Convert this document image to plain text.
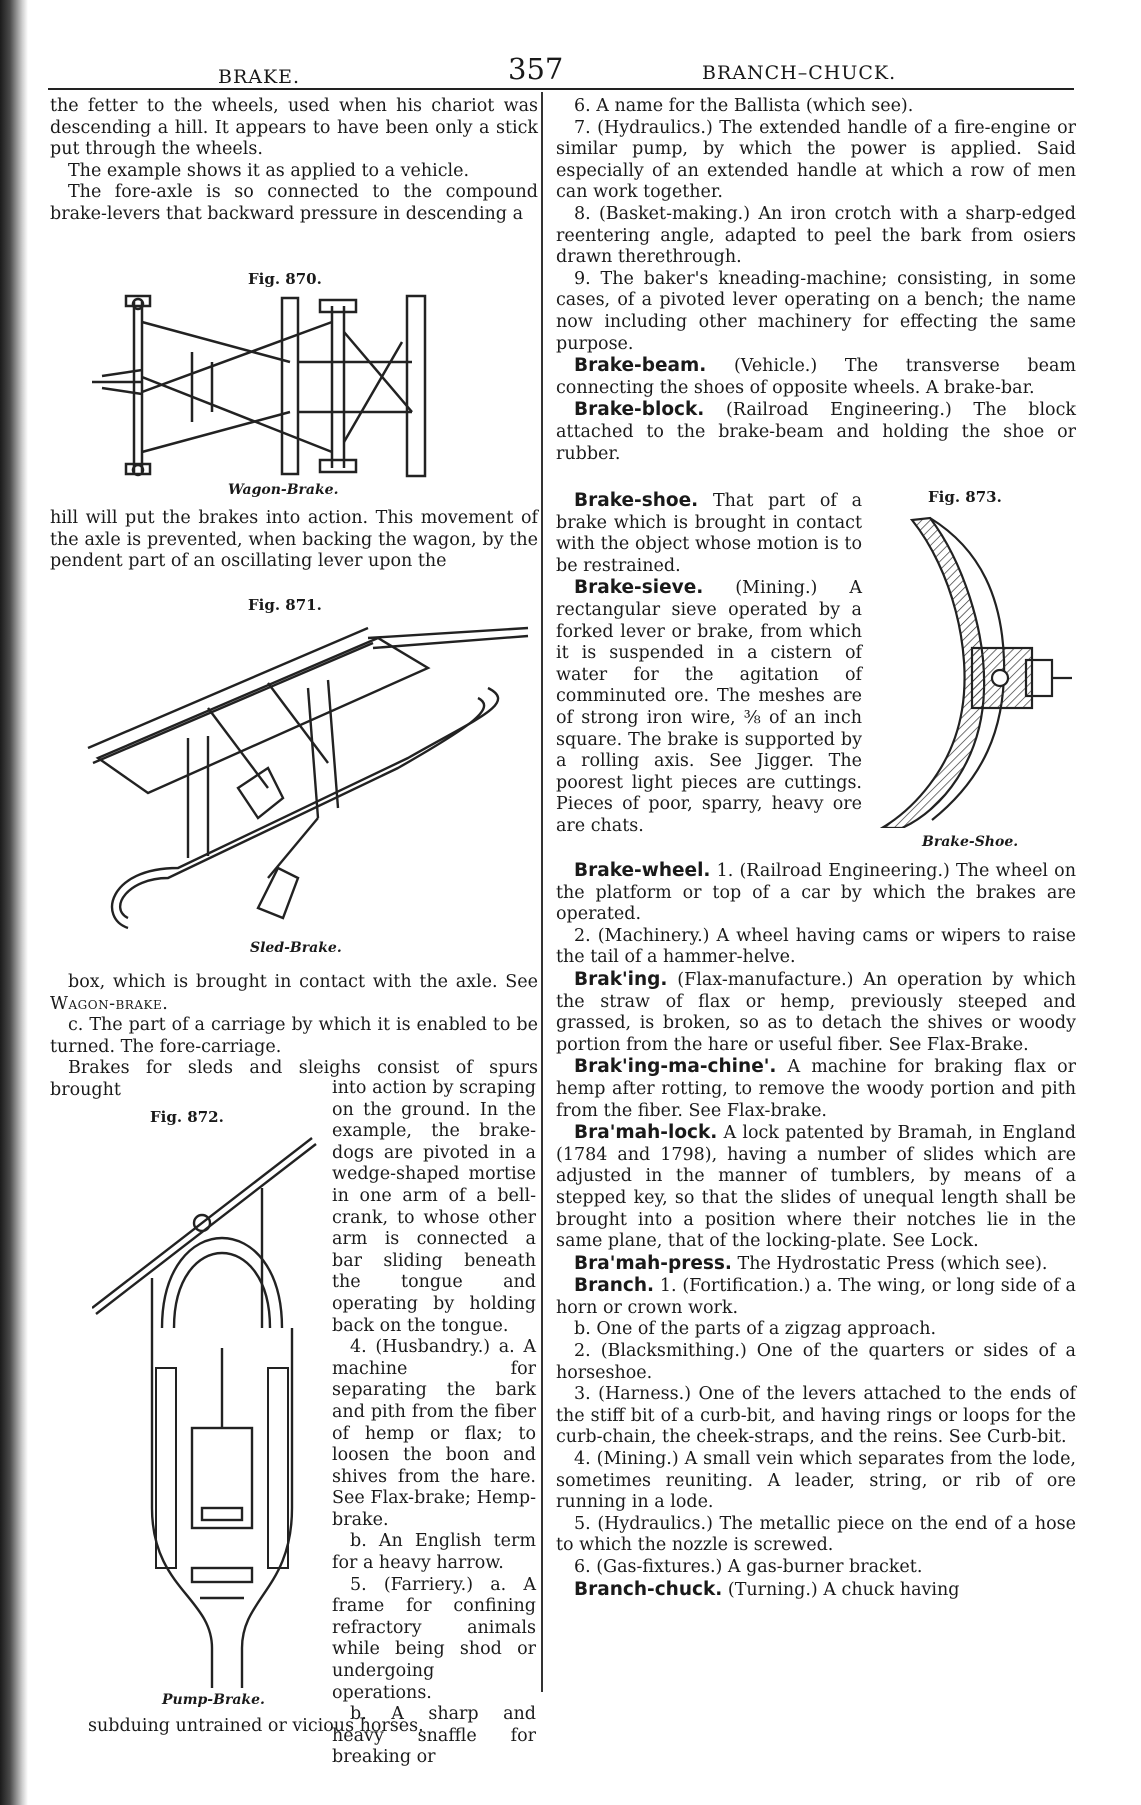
BRAKE.	357	BRANCH–CHUCK.

the fetter to the wheels, used when his chariot was descending a hill. It appears to have been only a stick put through the wheels.

The example shows it as applied to a vehicle.

The fore-axle is so connected to the compound brake-levers that backward pressure in descending a

Fig. 870.
Wagon-Brake.

hill will put the brakes into action. This movement of the axle is prevented, when backing the wagon, by the pendent part of an oscillating lever upon the

Fig. 871.
Sled-Brake.

box, which is brought in contact with the axle. See Wagon-brake.

c. The part of a carriage by which it is enabled to be turned. The fore-carriage.

Brakes for sleds and sleighs consist of spurs brought

Fig. 872.
Pump-Brake.

into action by scraping on the ground. In the example, the brake-dogs are pivoted in a wedge-shaped mortise in one arm of a bell-crank, to whose other arm is connected a bar sliding beneath the tongue and operating by holding back on the tongue.

4. (Husbandry.) a. A machine for separating the bark and pith from the fiber of hemp or flax; to loosen the boon and shives from the hare. See Flax-brake; Hemp-brake.

b. An English term for a heavy harrow.

5. (Farriery.) a. A frame for confining refractory animals while being shod or undergoing operations.

b. A sharp and heavy snaffle for breaking or

subduing untrained or vicious horses.

6. A name for the Ballista (which see).

7. (Hydraulics.) The extended handle of a fire-engine or similar pump, by which the power is applied. Said especially of an extended handle at which a row of men can work together.

8. (Basket-making.) An iron crotch with a sharp-edged reentering angle, adapted to peel the bark from osiers drawn therethrough.

9. The baker's kneading-machine; consisting, in some cases, of a pivoted lever operating on a bench; the name now including other machinery for effecting the same purpose.

Brake-beam. (Vehicle.) The transverse beam connecting the shoes of opposite wheels. A brake-bar.

Brake-block. (Railroad Engineering.) The block attached to the brake-beam and holding the shoe or rubber.

Fig. 873.
Brake-Shoe.

Brake-shoe. That part of a brake which is brought in contact with the object whose motion is to be restrained.

Brake-sieve. (Mining.) A rectangular sieve operated by a forked lever or brake, from which it is suspended in a cistern of water for the agitation of comminuted ore. The meshes are of strong iron wire, ⅜ of an inch square. The brake is supported by a rolling axis. See Jigger. The poorest light pieces are cuttings. Pieces of poor, sparry, heavy ore are chats.

Brake-wheel. 1. (Railroad Engineering.) The wheel on the platform or top of a car by which the brakes are operated.

2. (Machinery.) A wheel having cams or wipers to raise the tail of a hammer-helve.

Brak'ing. (Flax-manufacture.) An operation by which the straw of flax or hemp, previously steeped and grassed, is broken, so as to detach the shives or woody portion from the hare or useful fiber. See Flax-Brake.

Brak'ing-ma-chine'. A machine for braking flax or hemp after rotting, to remove the woody portion and pith from the fiber. See Flax-brake.

Bra'mah-lock. A lock patented by Bramah, in England (1784 and 1798), having a number of slides which are adjusted in the manner of tumblers, by means of a stepped key, so that the slides of unequal length shall be brought into a position where their notches lie in the same plane, that of the locking-plate. See Lock.

Bra'mah-press. The Hydrostatic Press (which see).

Branch. 1. (Fortification.) a. The wing, or long side of a horn or crown work.

b. One of the parts of a zigzag approach.

2. (Blacksmithing.) One of the quarters or sides of a horseshoe.

3. (Harness.) One of the levers attached to the ends of the stiff bit of a curb-bit, and having rings or loops for the curb-chain, the cheek-straps, and the reins. See Curb-bit.

4. (Mining.) A small vein which separates from the lode, sometimes reuniting. A leader, string, or rib of ore running in a lode.

5. (Hydraulics.) The metallic piece on the end of a hose to which the nozzle is screwed.

6. (Gas-fixtures.) A gas-burner bracket.

Branch-chuck. (Turning.) A chuck having
